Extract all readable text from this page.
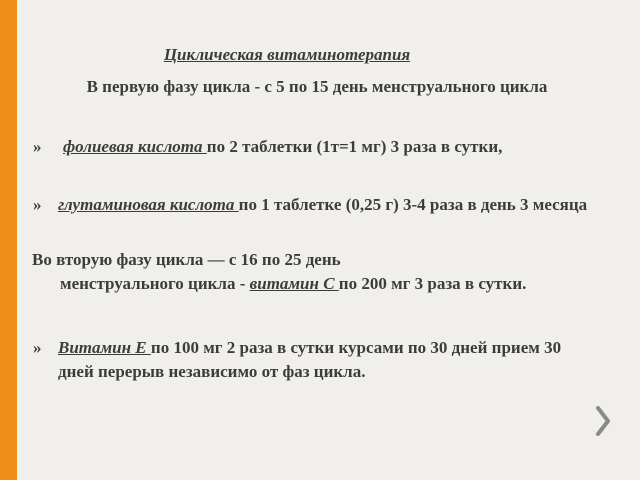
Циклическая витаминотерапия
В первую фазу цикла - с 5 по 15 день менструального цикла
» фолиевая кислота по 2 таблетки (1т=1 мг) 3 раза в сутки,
» глутаминовая кислота по 1 таблетке (0,25 г) 3-4 раза в день 3 месяца
Во вторую фазу цикла — с 16 по 25 день
менструального цикла - витамин С по 200 мг 3 раза в сутки.
» Витамин Е по 100 мг 2 раза в сутки курсами по 30 дней прием 30 дней перерыв независимо от фаз цикла.
